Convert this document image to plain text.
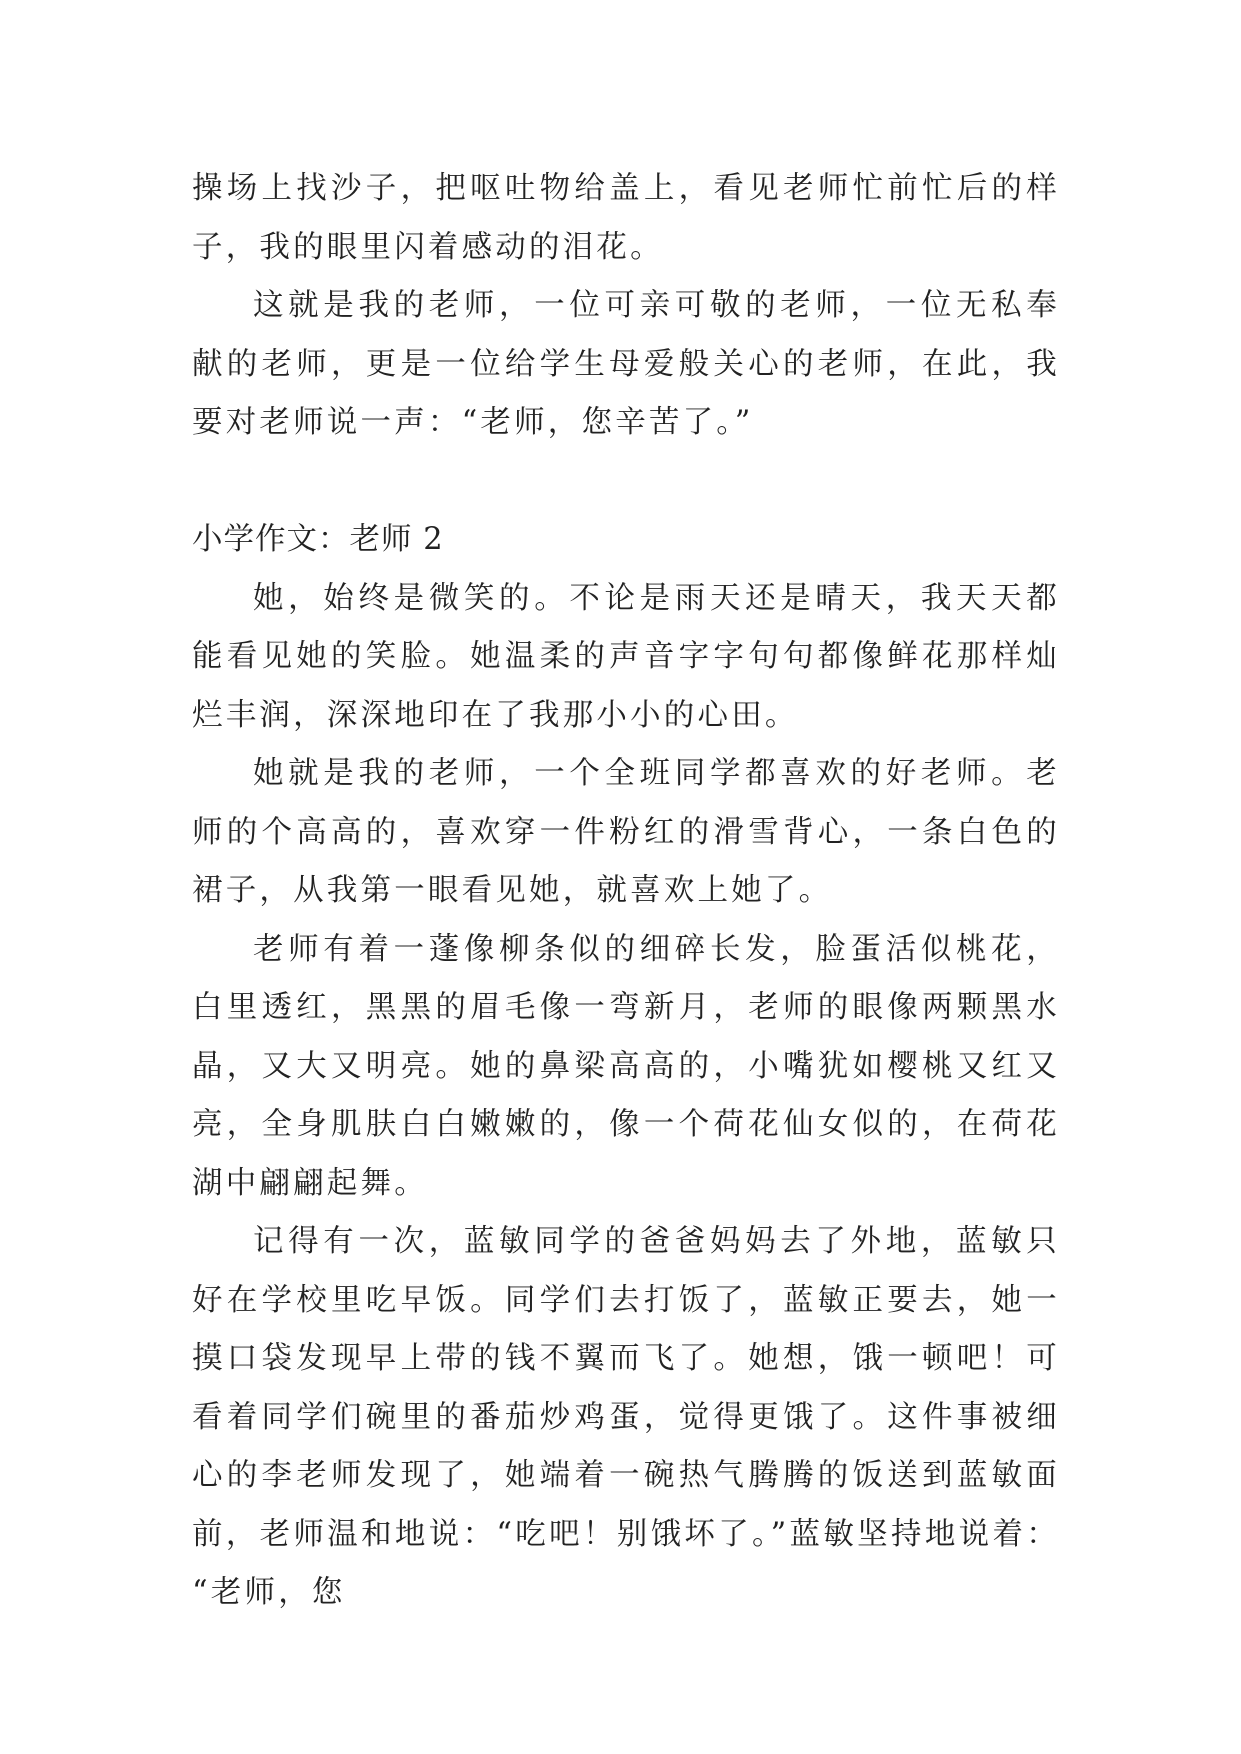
操场上找沙子，把呕吐物给盖上，看见老师忙前忙后的样子，我的眼里闪着感动的泪花。

这就是我的老师，一位可亲可敬的老师，一位无私奉献的老师，更是一位给学生母爱般关心的老师，在此，我要对老师说一声：“老师，您辛苦了。”

小学作文：老师 2

她，始终是微笑的。不论是雨天还是晴天，我天天都能看见她的笑脸。她温柔的声音字字句句都像鲜花那样灿烂丰润，深深地印在了我那小小的心田。

她就是我的老师，一个全班同学都喜欢的好老师。老师的个高高的，喜欢穿一件粉红的滑雪背心，一条白色的裙子，从我第一眼看见她，就喜欢上她了。

老师有着一蓬像柳条似的细碎长发，脸蛋活似桃花，白里透红，黑黑的眉毛像一弯新月，老师的眼像两颗黑水晶，又大又明亮。她的鼻梁高高的，小嘴犹如樱桃又红又亮，全身肌肤白白嫩嫩的，像一个荷花仙女似的，在荷花湖中翩翩起舞。

记得有一次，蓝敏同学的爸爸妈妈去了外地，蓝敏只好在学校里吃早饭。同学们去打饭了，蓝敏正要去，她一摸口袋发现早上带的钱不翼而飞了。她想，饿一顿吧！可看着同学们碗里的番茄炒鸡蛋，觉得更饿了。这件事被细心的李老师发现了，她端着一碗热气腾腾的饭送到蓝敏面前，老师温和地说：“吃吧！别饿坏了。”蓝敏坚持地说着：“老师，您
